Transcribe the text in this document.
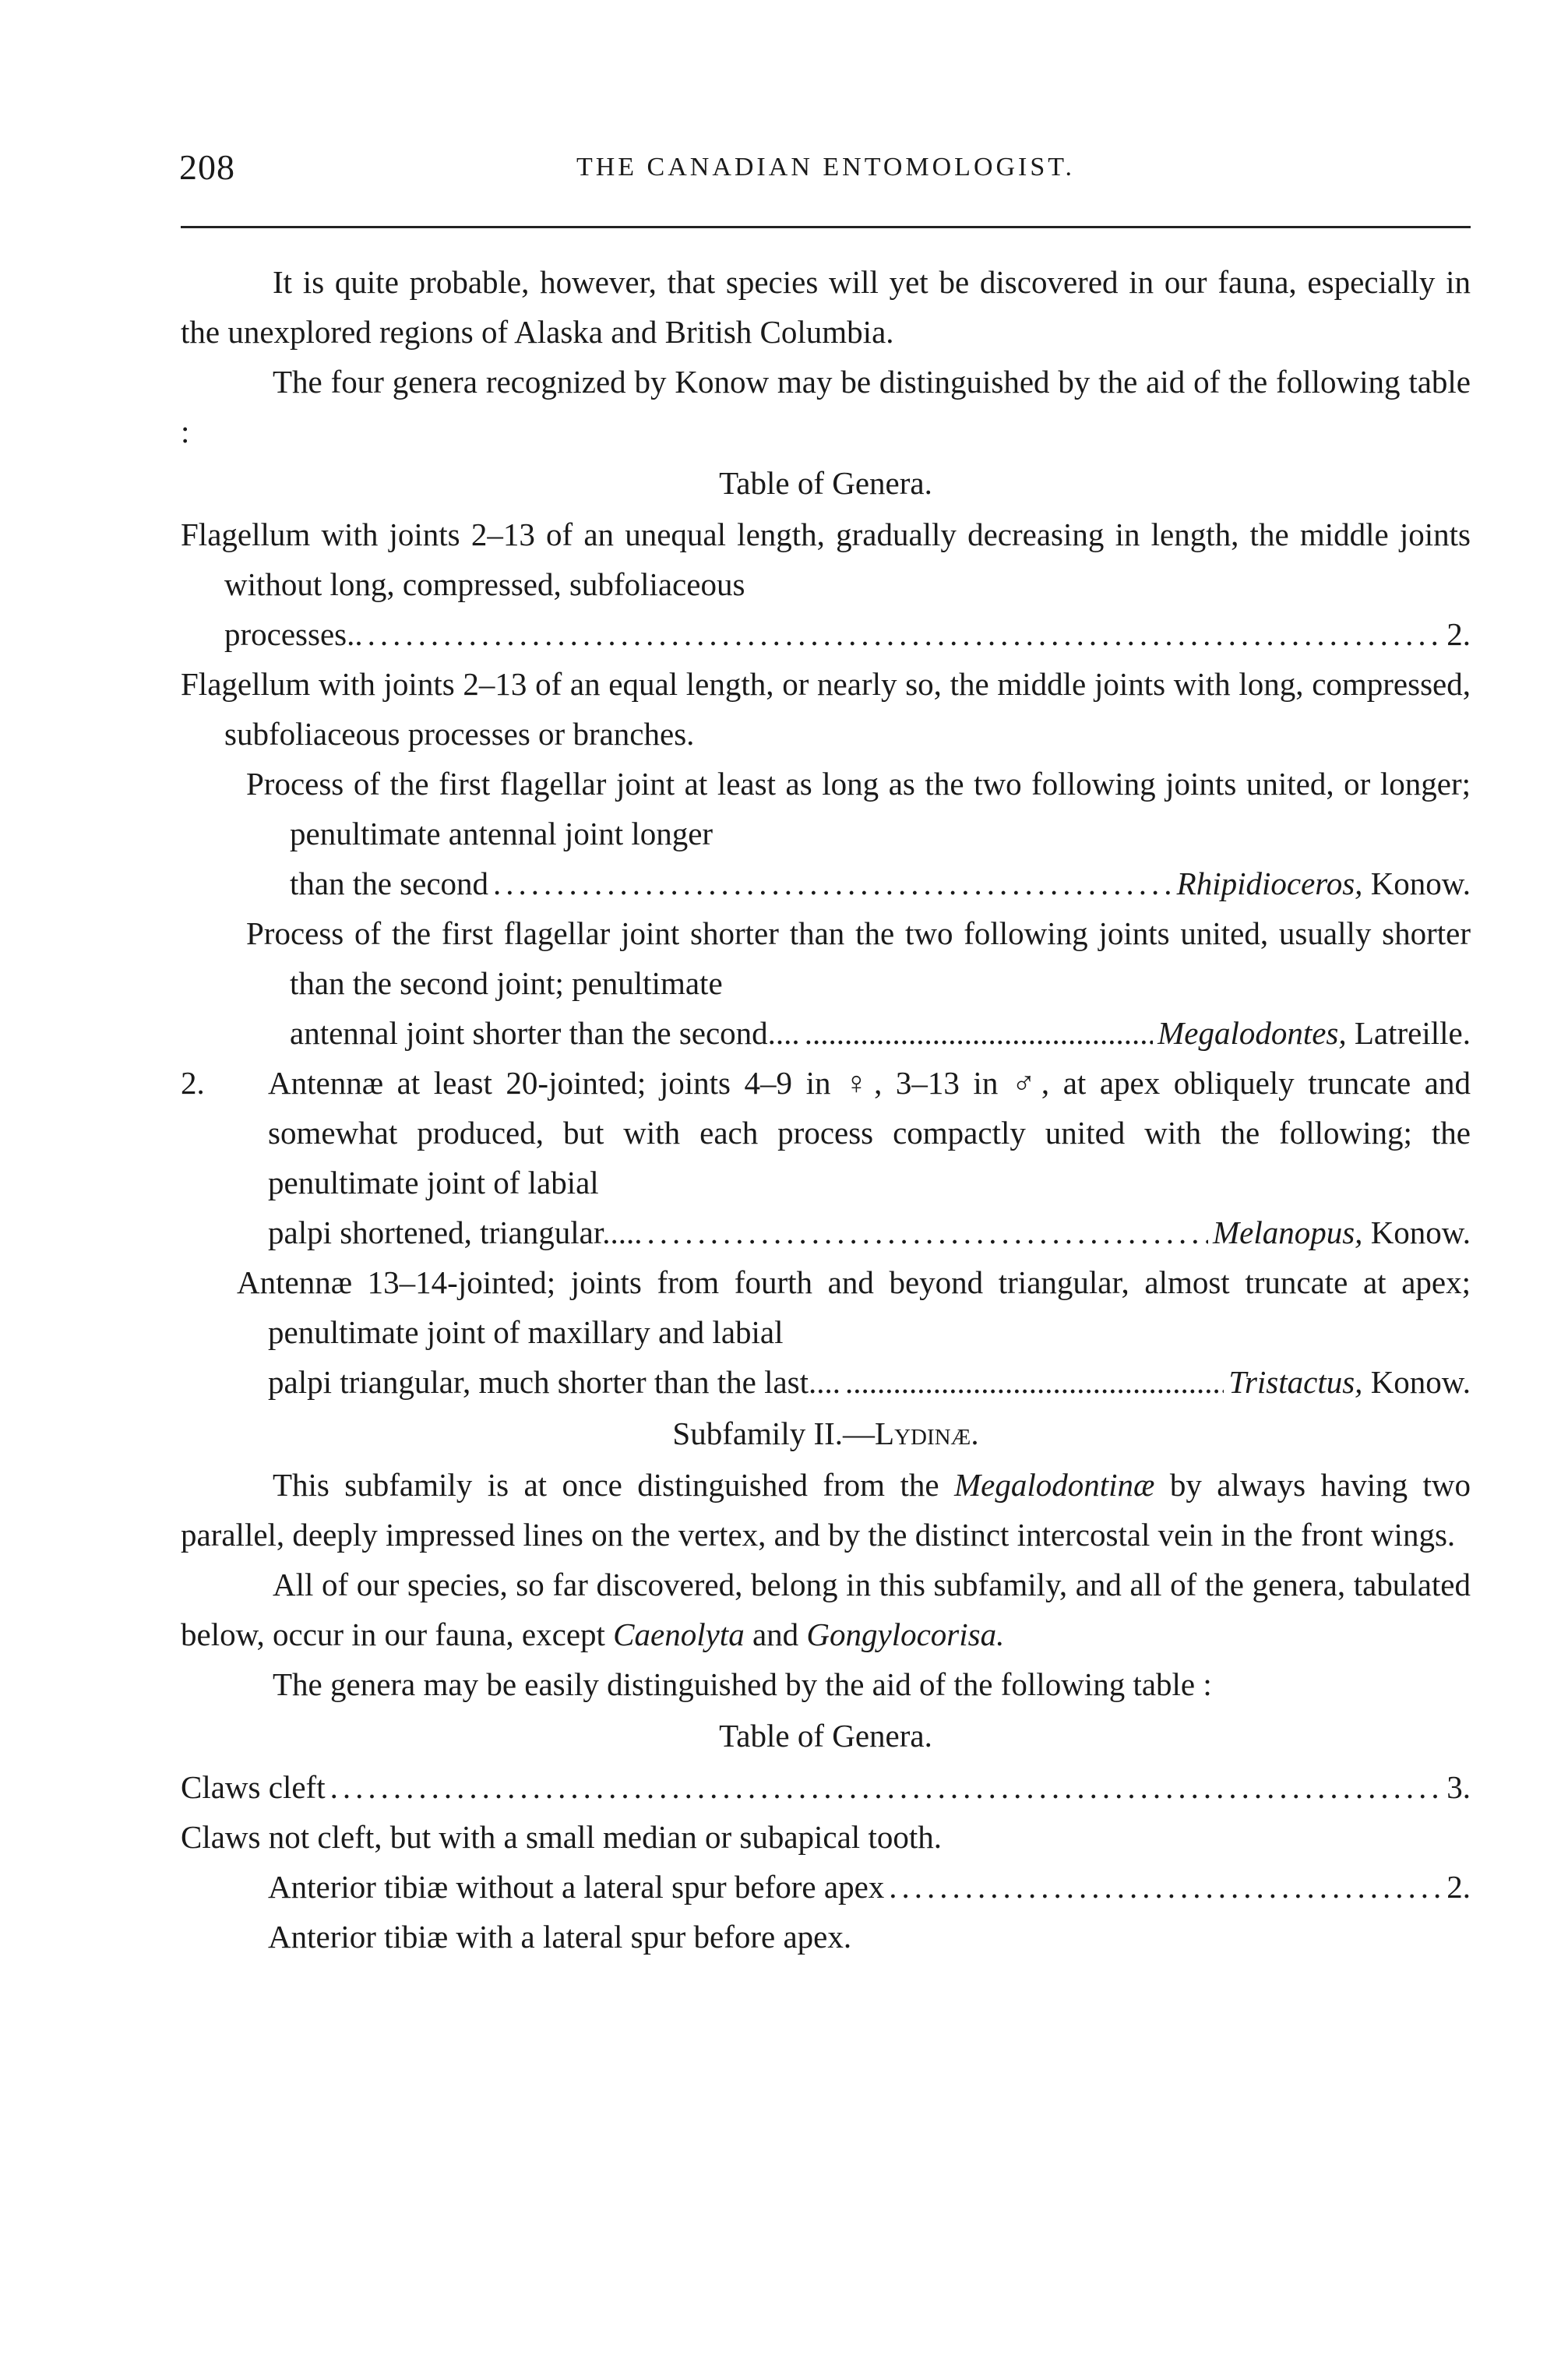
208	THE CANADIAN ENTOMOLOGIST.

It is quite probable, however, that species will yet be discovered in our fauna, especially in the unexplored regions of Alaska and British Columbia.

The four genera recognized by Konow may be distinguished by the aid of the following table :

Table of Genera.

Flagellum with joints 2–13 of an unequal length, gradually decreasing in length, the middle joints without long, compressed, subfoliaceous

processes.. .....	2.

Flagellum with joints 2–13 of an equal length, or nearly so, the middle joints with long, compressed, subfoliaceous processes or branches.

Process of the first flagellar joint at least as long as the two following joints united, or longer; penultimate antennal joint longer

than the second .....	Rhipidioceros, Konow.

Process of the first flagellar joint shorter than the two following joints united, usually shorter than the second joint; penultimate

antennal joint shorter than the second.... .....	Megalodontes, Latreille.

2. Antennæ at least 20-jointed; joints 4–9 in ♀, 3–13 in ♂, at apex obliquely truncate and somewhat produced, but with each process compactly united with the following; the penultimate joint of labial

palpi shortened, triangular..... .....	Melanopus, Konow.

Antennæ 13–14-jointed; joints from fourth and beyond triangular, almost truncate at apex; penultimate joint of maxillary and labial

palpi triangular, much shorter than the last.... .....	Tristactus, Konow.

Subfamily II.—Lydinæ.

This subfamily is at once distinguished from the Megalodontinæ by always having two parallel, deeply impressed lines on the vertex, and by the distinct intercostal vein in the front wings.

All of our species, so far discovered, belong in this subfamily, and all of the genera, tabulated below, occur in our fauna, except Caenolyta and Gongylocorisa.

The genera may be easily distinguished by the aid of the following table :

Table of Genera.

Claws cleft .....	3.

Claws not cleft, but with a small median or subapical tooth.

Anterior tibiæ without a lateral spur before apex .....	2.

Anterior tibiæ with a lateral spur before apex.
